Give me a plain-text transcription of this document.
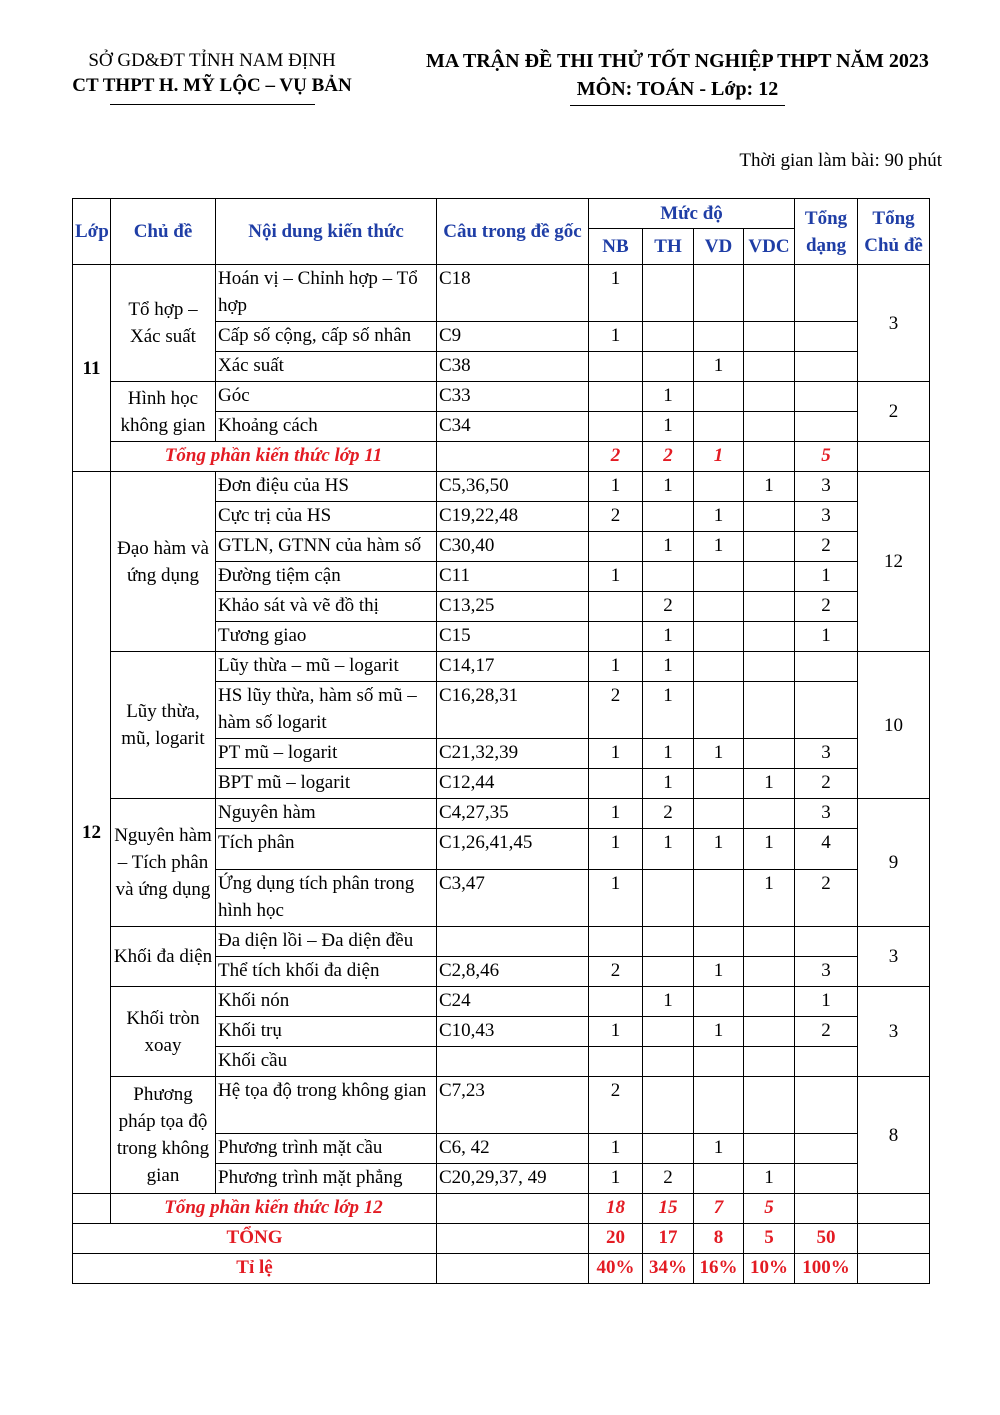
SỞ GD&ĐT TỈNH NAM ĐỊNH
CT THPT H. MỸ LỘC – VỤ BẢN
MA TRẬN ĐỀ THI THỬ TỐT NGHIỆP THPT NĂM 2023
MÔN: TOÁN - Lớp: 12
Thời gian làm bài: 90 phút
Lớp	Chủ đề	Nội dung kiến thức	Câu trong đề gốc	Mức độ				Tổng dạng	Tổng Chủ đề
				NB	TH	VD	VDC		
11	Tổ hợp – Xác suất	Hoán vị – Chỉnh hợp – Tổ hợp	C18	1					3
		Cấp số cộng, cấp số nhân	C9	1					
		Xác suất	C38			1			
	Hình học không gian	Góc	C33		1				2
		Khoảng cách	C34		1				
	Tổng phần kiến thức lớp 11			2	2	1		5	
12	Đạo hàm và ứng dụng	Đơn điệu của HS	C5,36,50	1	1		1	3	12
		Cực trị của HS	C19,22,48	2		1		3	
		GTLN, GTNN của hàm số	C30,40		1	1		2	
		Đường tiệm cận	C11	1				1	
		Khảo sát và vẽ đồ thị	C13,25		2			2	
		Tương giao	C15		1			1	
	Lũy thừa, mũ, logarit	Lũy thừa – mũ – logarit	C14,17	1	1				10
		HS lũy thừa, hàm số mũ – hàm số logarit	C16,28,31	2	1				
		PT mũ – logarit	C21,32,39	1	1	1		3	
		BPT mũ – logarit	C12,44		1		1	2	
	Nguyên hàm – Tích phân và ứng dụng	Nguyên hàm	C4,27,35	1	2			3	9
		Tích phân	C1,26,41,45	1	1	1	1	4	
		Ứng dụng tích phân trong hình học	C3,47	1			1	2	
	Khối đa diện	Đa diện lồi – Đa diện đều							3
		Thể tích khối đa diện	C2,8,46	2		1		3	
	Khối tròn xoay	Khối nón	C24		1			1	3
		Khối trụ	C10,43	1		1		2	
		Khối cầu							
	Phương pháp tọa độ trong không gian	Hệ tọa độ trong không gian	C7,23	2					8
		Phương trình mặt cầu	C6, 42	1		1			
		Phương trình mặt phẳng	C20,29,37, 49	1	2		1		
	Tổng phần kiến thức lớp 12			18	15	7	5		
TỔNG				20	17	8	5	50	
Tỉ lệ				40%	34%	16%	10%	100%	
